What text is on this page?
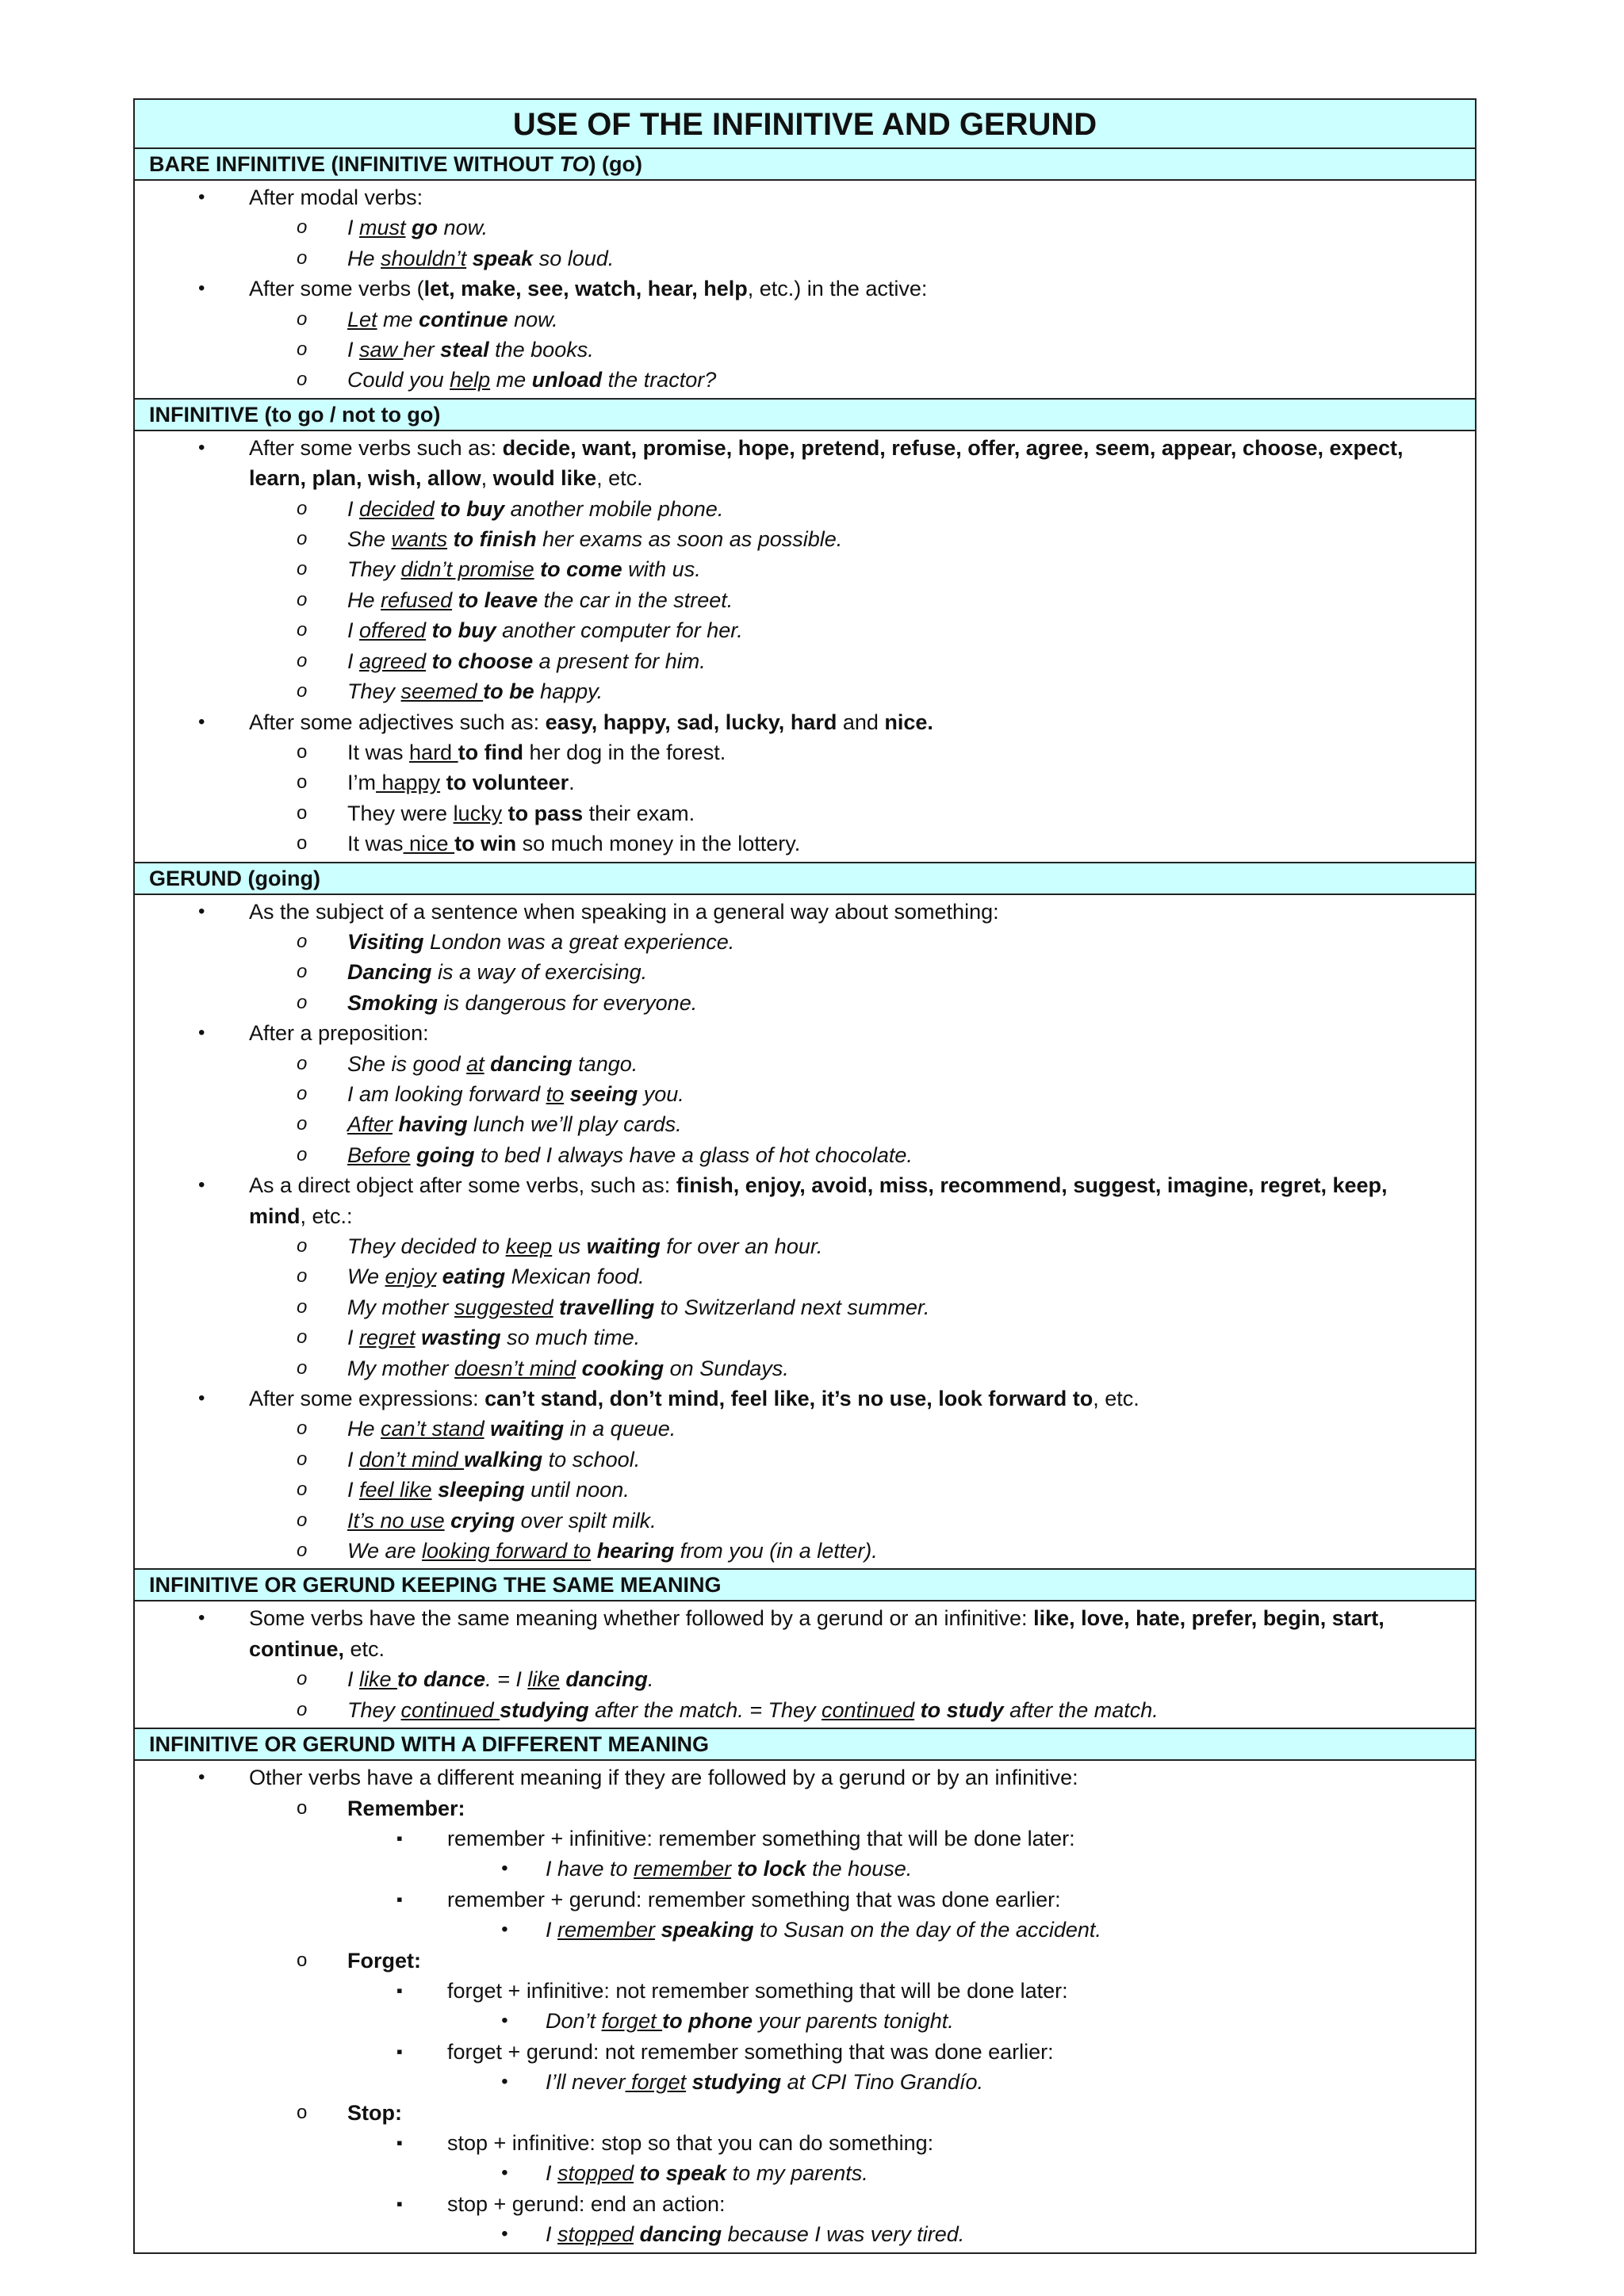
USE OF THE INFINITIVE AND GERUND
BARE INFINITIVE (INFINITIVE WITHOUT TO) (go)
• After modal verbs:
o I must go now.
o He shouldn’t speak so loud.
• After some verbs (let, make, see, watch, hear, help, etc.) in the active:
o Let me continue now.
o I saw her steal the books.
o Could you help me unload the tractor?
INFINITIVE (to go / not to go)
• After some verbs such as: decide, want, promise, hope, pretend, refuse, offer, agree, seem, appear, choose, expect,
learn, plan, wish, allow, would like, etc.
o I decided to buy another mobile phone.
o She wants to finish her exams as soon as possible.
o They didn’t promise to come with us.
o He refused to leave the car in the street.
o I offered to buy another computer for her.
o I agreed to choose a present for him.
o They seemed to be happy.
• After some adjectives such as: easy, happy, sad, lucky, hard and nice.
o It was hard to find her dog in the forest.
o I’m happy to volunteer.
o They were lucky to pass their exam.
o It was nice to win so much money in the lottery.
GERUND (going)
• As the subject of a sentence when speaking in a general way about something:
o Visiting London was a great experience.
o Dancing is a way of exercising.
o Smoking is dangerous for everyone.
• After a preposition:
o She is good at dancing tango.
o I am looking forward to seeing you.
o After having lunch we’ll play cards.
o Before going to bed I always have a glass of hot chocolate.
• As a direct object after some verbs, such as: finish, enjoy, avoid, miss, recommend, suggest, imagine, regret, keep,
mind, etc.:
o They decided to keep us waiting for over an hour.
o We enjoy eating Mexican food.
o My mother suggested travelling to Switzerland next summer.
o I regret wasting so much time.
o My mother doesn’t mind cooking on Sundays.
• After some expressions: can’t stand, don’t mind, feel like, it’s no use, look forward to, etc.
o He can’t stand waiting in a queue.
o I don’t mind walking to school.
o I feel like sleeping until noon.
o It’s no use crying over spilt milk.
o We are looking forward to hearing from you (in a letter).
INFINITIVE OR GERUND KEEPING THE SAME MEANING
• Some verbs have the same meaning whether followed by a gerund or an infinitive: like, love, hate, prefer, begin, start,
continue, etc.
o I like to dance. = I like dancing.
o They continued studying after the match. = They continued to study after the match.
INFINITIVE OR GERUND WITH A DIFFERENT MEANING
• Other verbs have a different meaning if they are followed by a gerund or by an infinitive:
o Remember:
▪ remember + infinitive: remember something that will be done later:
• I have to remember to lock the house.
▪ remember + gerund: remember something that was done earlier:
• I remember speaking to Susan on the day of the accident.
o Forget:
▪ forget + infinitive: not remember something that will be done later:
• Don’t forget to phone your parents tonight.
▪ forget + gerund: not remember something that was done earlier:
• I’ll never forget studying at CPI Tino Grandío.
o Stop:
▪ stop + infinitive: stop so that you can do something:
• I stopped to speak to my parents.
▪ stop + gerund: end an action:
• I stopped dancing because I was very tired.
